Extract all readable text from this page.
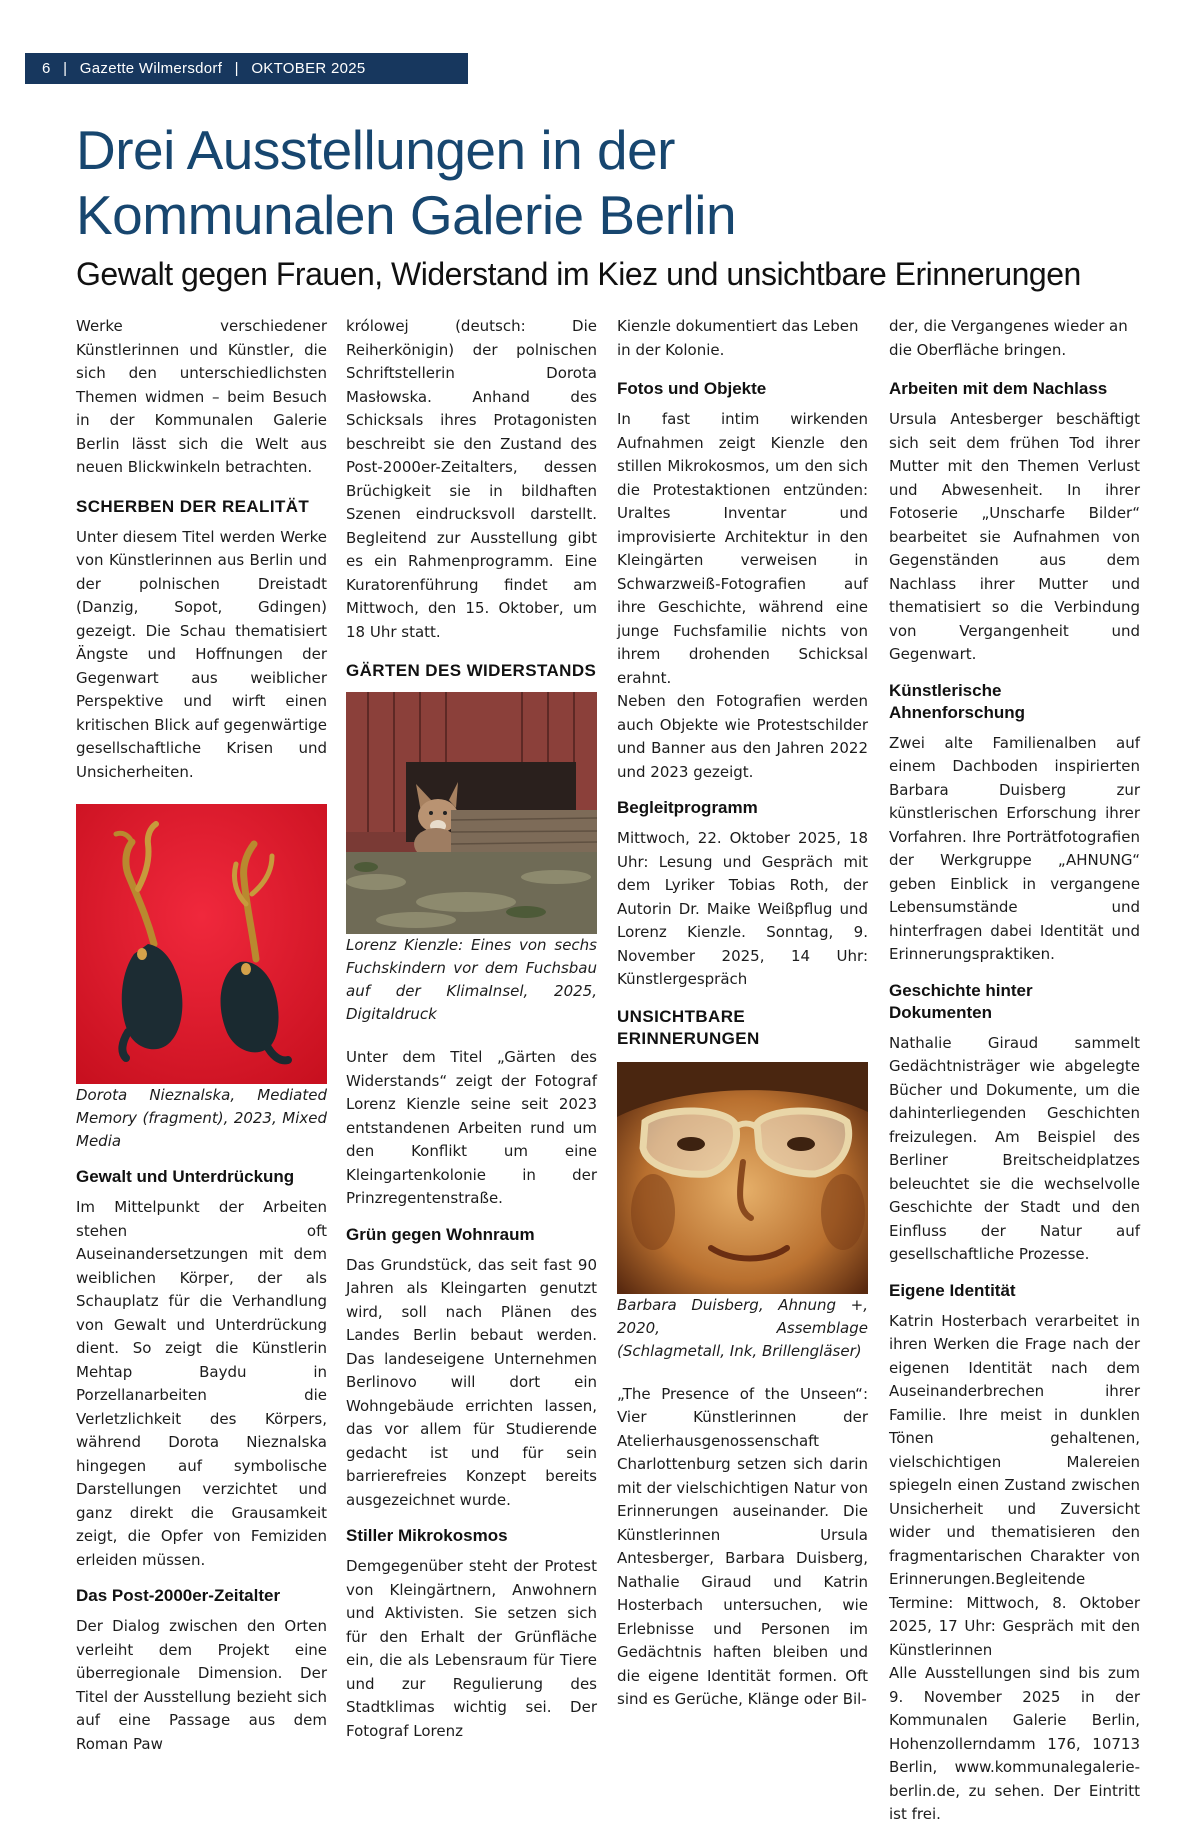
6 | Gazette Wilmersdorf | OKTOBER 2025
Drei Ausstellungen in der
Kommunalen Galerie Berlin
Gewalt gegen Frauen, Widerstand im Kiez und unsichtbare Erinnerungen

Werke verschiedener Künstlerinnen und Künstler, die sich den unterschiedlichsten Themen widmen – beim Besuch in der Kommunalen Galerie Berlin lässt sich die Welt aus neuen Blickwinkeln betrachten.

SCHERBEN DER REALITÄT

Unter diesem Titel werden Werke von Künstlerinnen aus Berlin und der polnischen Dreistadt (Danzig, Sopot, Gdingen) gezeigt. Die Schau thematisiert Ängste und Hoffnungen der Gegenwart aus weiblicher Perspektive und wirft einen kritischen Blick auf gegenwärtige gesellschaftliche Krisen und Unsicherheiten.

Dorota Nieznalska, Mediated Memory (fragment), 2023, Mixed Media

Gewalt und Unterdrückung

Im Mittelpunkt der Arbeiten stehen oft Auseinandersetzungen mit dem weiblichen Körper, der als Schauplatz für die Verhandlung von Gewalt und Unterdrückung dient. So zeigt die Künstlerin Mehtap Baydu in Porzellanarbeiten die Verletzlichkeit des Körpers, während Dorota Nieznalska hingegen auf symbolische Darstellungen verzichtet und ganz direkt die Grausamkeit zeigt, die Opfer von Femiziden erleiden müssen.

Das Post-2000er-Zeitalter

Der Dialog zwischen den Orten verleiht dem Projekt eine überregionale Dimension. Der Titel der Ausstellung bezieht sich auf eine Passage aus dem Roman Paw

królowej (deutsch: Die Reiherkönigin) der polnischen Schriftstellerin Dorota Masłowska. Anhand des Schicksals ihres Protagonisten beschreibt sie den Zustand des Post-2000er-Zeitalters, dessen Brüchigkeit sie in bildhaften Szenen eindrucksvoll darstellt. Begleitend zur Ausstellung gibt es ein Rahmenprogramm. Eine Kuratorenführung findet am Mittwoch, den 15. Oktober, um 18 Uhr statt.

GÄRTEN DES WIDERSTANDS

Lorenz Kienzle: Eines von sechs Fuchskindern vor dem Fuchsbau auf der KlimaInsel, 2025, Digitaldruck

Unter dem Titel „Gärten des Widerstands“ zeigt der Fotograf Lorenz Kienzle seine seit 2023 entstandenen Arbeiten rund um den Konflikt um eine Kleingartenkolonie in der Prinzregentenstraße.

Grün gegen Wohnraum

Das Grundstück, das seit fast 90 Jahren als Kleingarten genutzt wird, soll nach Plänen des Landes Berlin bebaut werden. Das landeseigene Unternehmen Berlinovo will dort ein Wohngebäude errichten lassen, das vor allem für Studierende gedacht ist und für sein barrierefreies Konzept bereits ausgezeichnet wurde.

Stiller Mikrokosmos

Demgegenüber steht der Protest von Kleingärtnern, Anwohnern und Aktivisten. Sie setzen sich für den Erhalt der Grünfläche ein, die als Lebensraum für Tiere und zur Regulierung des Stadtklimas wichtig sei. Der Fotograf Lorenz

Kienzle dokumentiert das Leben in der Kolonie.

Fotos und Objekte

In fast intim wirkenden Aufnahmen zeigt Kienzle den stillen Mikrokosmos, um den sich die Protestaktionen entzünden: Uraltes Inventar und improvisierte Architektur in den Kleingärten verweisen in Schwarzweiß-Fotografien auf ihre Geschichte, während eine junge Fuchsfamilie nichts von ihrem drohenden Schicksal erahnt.

Neben den Fotografien werden auch Objekte wie Protestschilder und Banner aus den Jahren 2022 und 2023 gezeigt.

Begleitprogramm

Mittwoch, 22. Oktober 2025, 18 Uhr: Lesung und Gespräch mit dem Lyriker Tobias Roth, der Autorin Dr. Maike Weißpflug und Lorenz Kienzle. Sonntag, 9. November 2025, 14 Uhr: Künstlergespräch

UNSICHTBARE ERINNERUNGEN

Barbara Duisberg, Ahnung +, 2020, Assemblage (Schlagmetall, Ink, Brillengläser)

„The Presence of the Unseen“: Vier Künstlerinnen der Atelierhausgenossenschaft Charlottenburg setzen sich darin mit der vielschichtigen Natur von Erinnerungen auseinander. Die Künstlerinnen Ursula Antesberger, Barbara Duisberg, Nathalie Giraud und Katrin Hosterbach untersuchen, wie Erlebnisse und Personen im Gedächtnis haften bleiben und die eigene Identität formen. Oft sind es Gerüche, Klänge oder Bil-

der, die Vergangenes wieder an die Oberfläche bringen.

Arbeiten mit dem Nachlass

Ursula Antesberger beschäftigt sich seit dem frühen Tod ihrer Mutter mit den Themen Verlust und Abwesenheit. In ihrer Fotoserie „Unscharfe Bilder“ bearbeitet sie Aufnahmen von Gegenständen aus dem Nachlass ihrer Mutter und thematisiert so die Verbindung von Vergangenheit und Gegenwart.

Künstlerische Ahnenforschung

Zwei alte Familienalben auf einem Dachboden inspirierten Barbara Duisberg zur künstlerischen Erforschung ihrer Vorfahren. Ihre Porträtfotografien der Werkgruppe „AHNUNG“ geben Einblick in vergangene Lebensumstände und hinterfragen dabei Identität und Erinnerungspraktiken.

Geschichte hinter Dokumenten

Nathalie Giraud sammelt Gedächtnisträger wie abgelegte Bücher und Dokumente, um die dahinterliegenden Geschichten freizulegen. Am Beispiel des Berliner Breitscheidplatzes beleuchtet sie die wechselvolle Geschichte der Stadt und den Einfluss der Natur auf gesellschaftliche Prozesse.

Eigene Identität

Katrin Hosterbach verarbeitet in ihren Werken die Frage nach der eigenen Identität nach dem Auseinanderbrechen ihrer Familie. Ihre meist in dunklen Tönen gehaltenen, vielschichtigen Malereien spiegeln einen Zustand zwischen Unsicherheit und Zuversicht wider und thematisieren den fragmentarischen Charakter von Erinnerungen.Begleitende Termine: Mittwoch, 8. Oktober 2025, 17 Uhr: Gespräch mit den Künstlerinnen

Alle Ausstellungen sind bis zum 9. November 2025 in der Kommunalen Galerie Berlin, Hohenzollerndamm 176, 10713 Berlin, www.kommunalegalerie-berlin.de, zu sehen. Der Eintritt ist frei.
